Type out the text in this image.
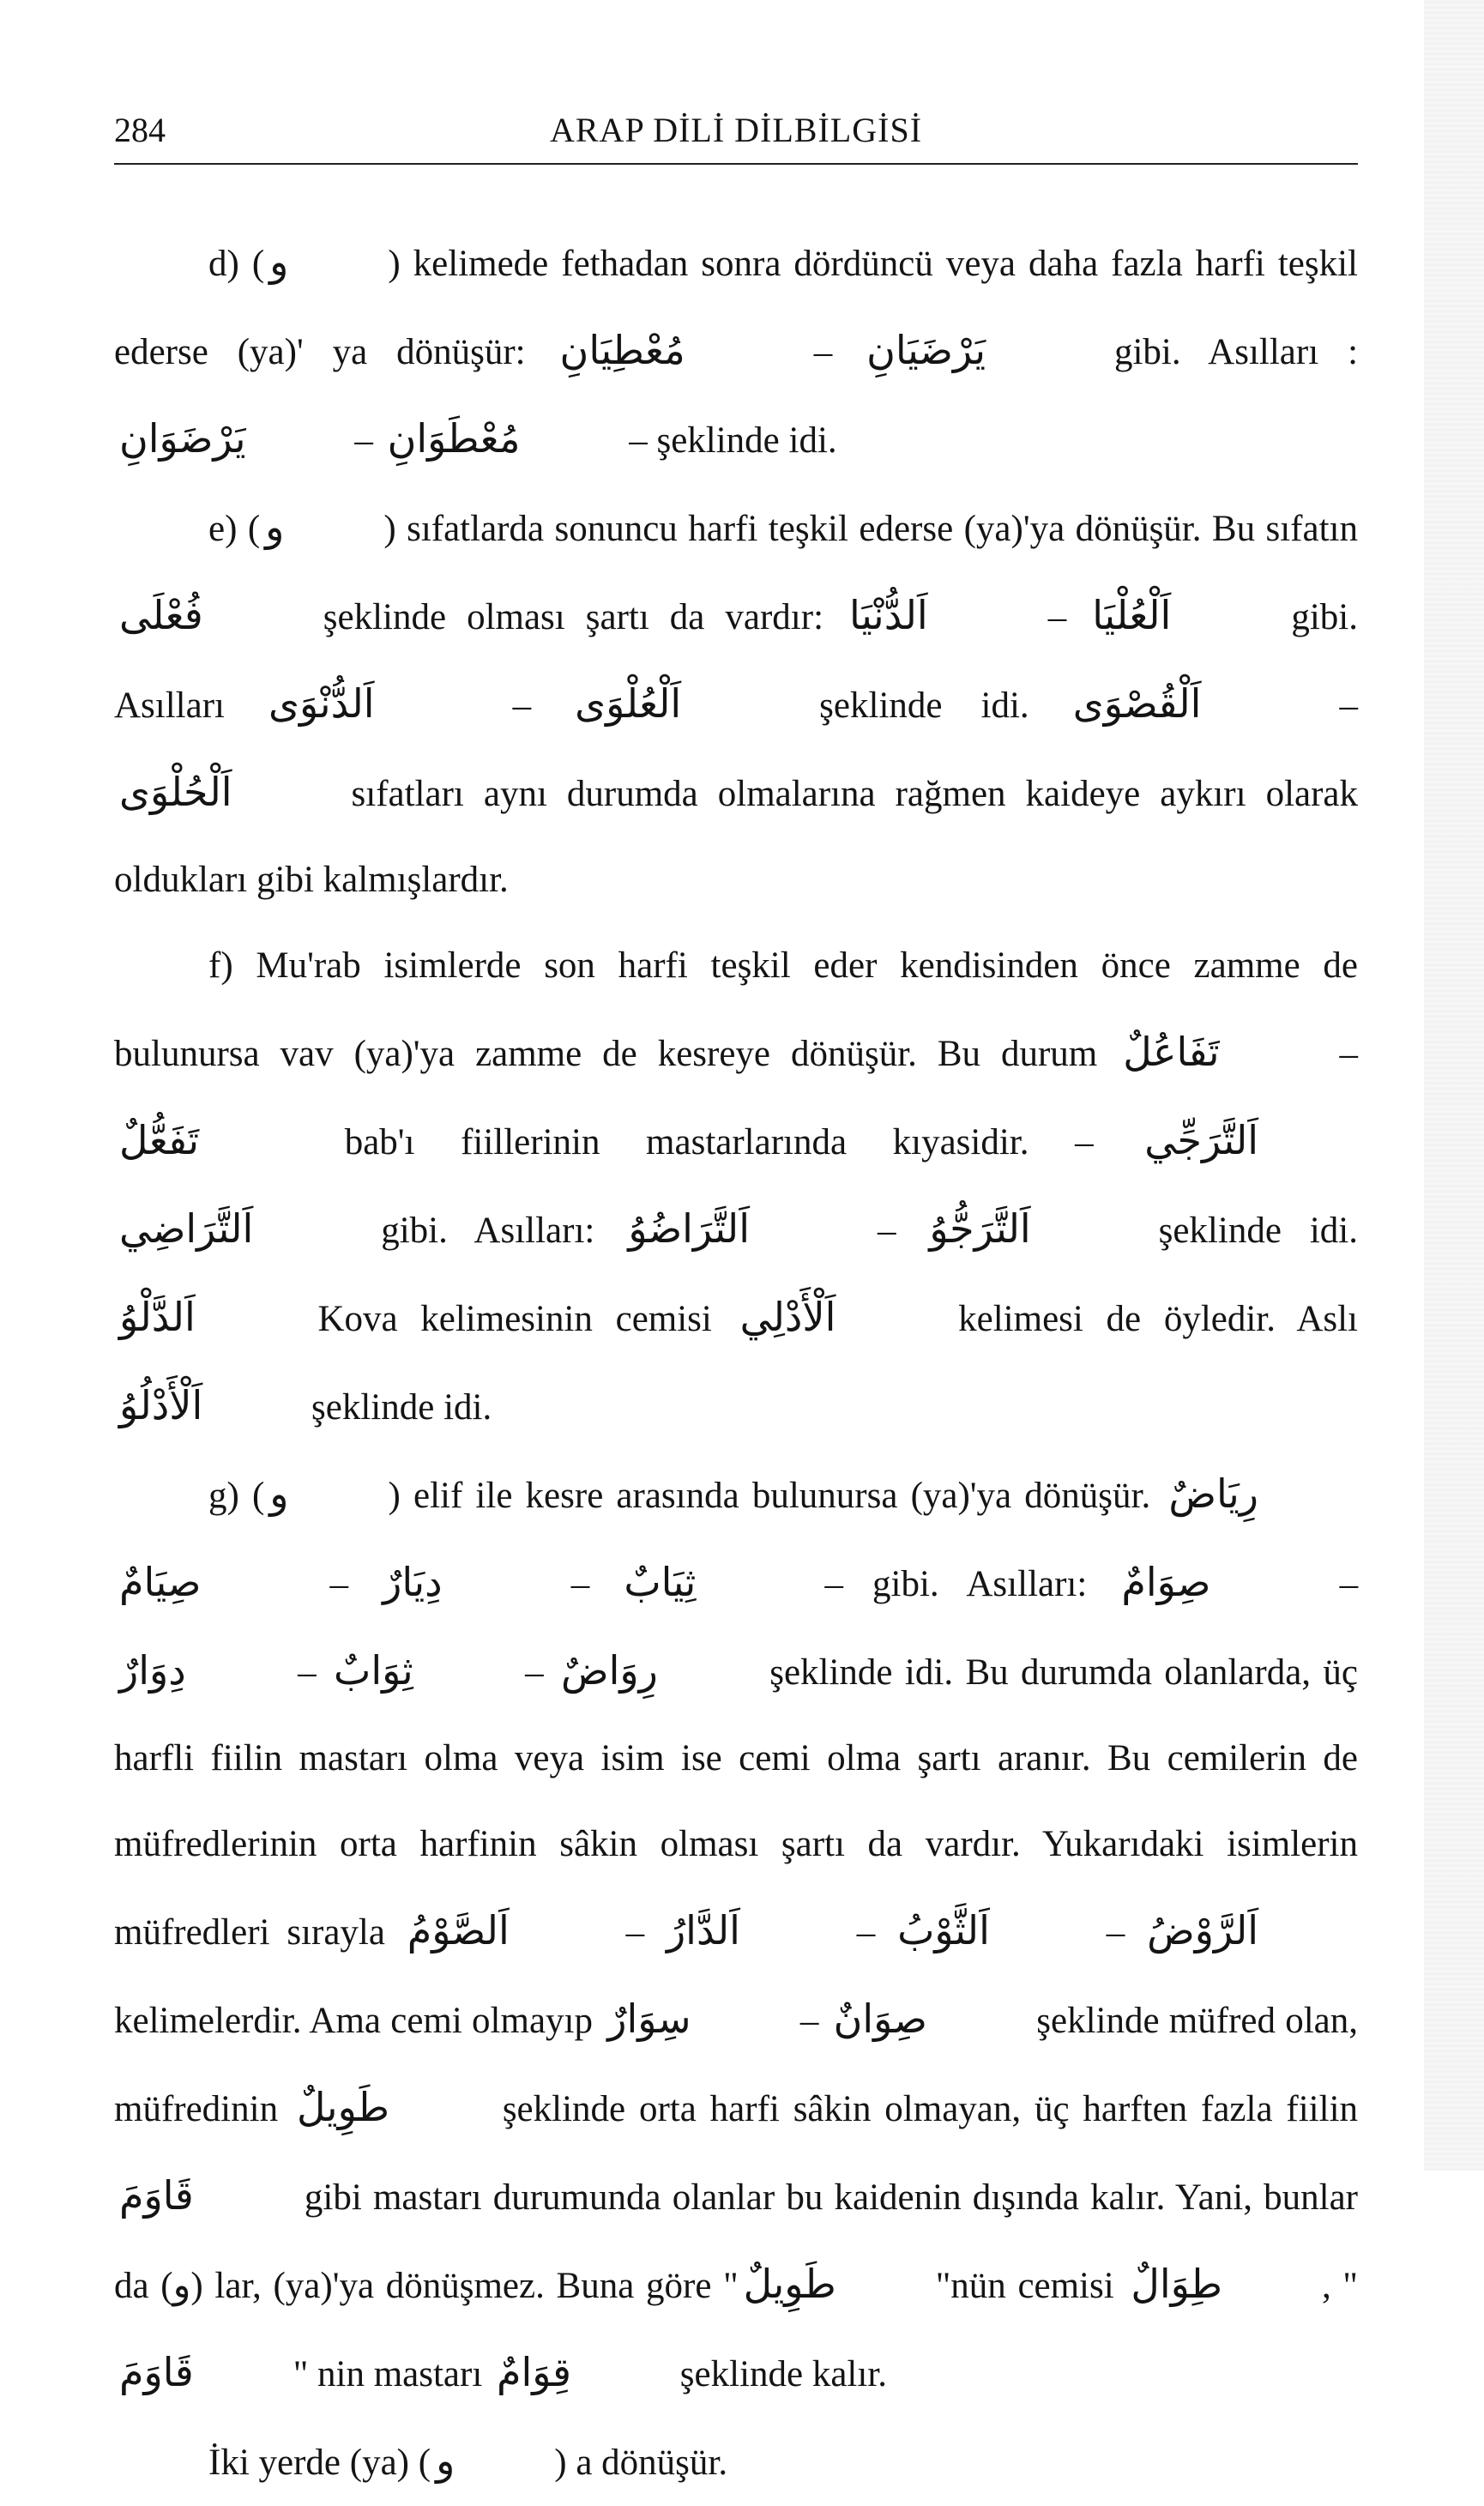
284	ARAP DİLİ DİLBİLGİSİ

d) ( و	) kelimede fethadan sonra dördüncü veya daha fazla harfi teşkil ederse (ya)' ya dönüşür: مُعْطِيَانِ	– يَرْضَيَانِ	gibi. Asılları : يَرْضَوَانِ	– مُعْطَوَانِ	– şeklinde idi.

e) ( و	) sıfatlarda sonuncu harfi teşkil ederse (ya)'ya dönüşür. Bu sıfatın فُعْلَى	şeklinde olması şartı da vardır: اَلدُّنْيَا	– اَلْعُلْيَا	gibi. Asılları اَلدُّنْوَى	– اَلْعُلْوَى	şeklinde idi. اَلْقُصْوَى	– اَلْحُلْوَى	sıfatları aynı durumda olmalarına rağmen kaideye aykırı olarak oldukları gibi kalmışlardır.

f) Mu'rab isimlerde son harfi teşkil eder kendisinden önce zamme de bulunursa vav (ya)'ya zamme de kesreye dönüşür. Bu durum تَفَاعُلٌ	– تَفَعُّلٌ	bab'ı fiillerinin mastarlarında kıyasidir. – اَلتَّرَجِّي اَلتَّرَاضِي	gibi. Asılları: اَلتَّرَاضُوُ	– اَلتَّرَجُّوُ	şeklinde idi. اَلدَّلْوُ	Kova kelimesinin cemisi اَلْأَدْلِي	kelimesi de öyledir. Aslı اَلْأَدْلُوُ	şeklinde idi.

g) ( و	) elif ile kesre arasında bulunursa (ya)'ya dönüşür. رِيَاضٌ صِيَامٌ	– دِيَارٌ	– ثِيَابٌ	– gibi. Asılları: صِوَامٌ	– دِوَارٌ	– ثِوَابٌ	– رِوَاضٌ	şeklinde idi. Bu durumda olanlarda, üç harfli fiilin mastarı olma veya isim ise cemi olma şartı aranır. Bu cemilerin de müfredlerinin orta harfinin sâkin olması şartı da vardır. Yukarıdaki isimlerin müfredleri sırayla اَلصَّوْمُ	– اَلدَّارُ	– اَلثَّوْبُ	– اَلرَّوْضُ kelimelerdir. Ama cemi olmayıp سِوَارٌ	– صِوَانٌ	şeklinde müfred olan, müfredinin طَوِيلٌ	şeklinde orta harfi sâkin olmayan, üç harften fazla fiilin قَاوَمَ	gibi mastarı durumunda olanlar bu kaidenin dışında kalır. Yani, bunlar da (و) lar, (ya)'ya dönüşmez. Buna göre " طَوِيلٌ	"nün cemisi طِوَالٌ	, " قَاوَمَ	" nin mastarı قِوَامٌ	şeklinde kalır.

İki yerde (ya) ( و	) a dönüşür.
